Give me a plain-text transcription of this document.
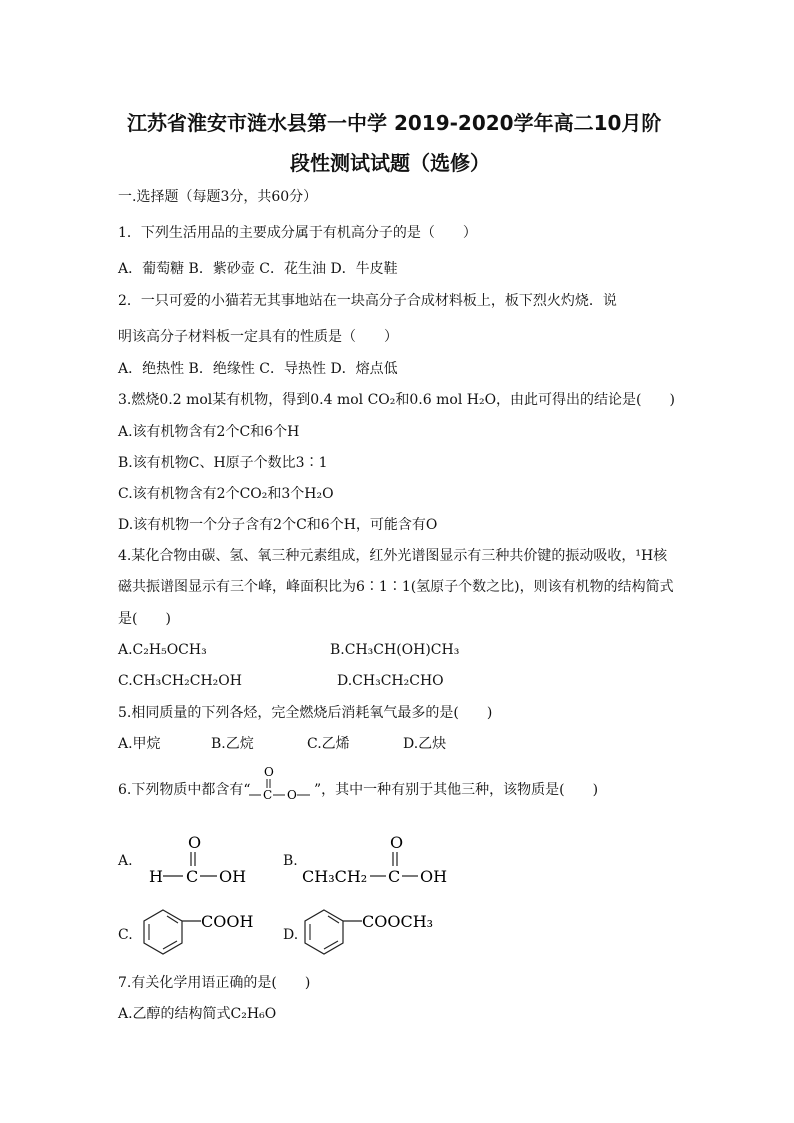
江苏省淮安市涟水县第一中学 2019-2020学年高二10月阶
段性测试试题（选修）
一.选择题（每题3分，共60分）
1．下列生活用品的主要成分属于有机高分子的是（　　）
A．葡萄糖 B．紫砂壶 C．花生油 D．牛皮鞋
2．一只可爱的小猫若无其事地站在一块高分子合成材料板上，板下烈火灼烧．说
明该高分子材料板一定具有的性质是（　　）
A．绝热性 B．绝缘性 C．导热性 D．熔点低
3.燃烧0.2 mol某有机物，得到0.4 mol CO₂和0.6 mol H₂O，由此可得出的结论是(　　)
A.该有机物含有2个C和6个H
B.该有机物C、H原子个数比3∶1
C.该有机物含有2个CO₂和3个H₂O
D.该有机物一个分子含有2个C和6个H，可能含有O
4.某化合物由碳、氢、氧三种元素组成，红外光谱图显示有三种共价键的振动吸收，¹H核
磁共振谱图显示有三个峰，峰面积比为6∶1∶1(氢原子个数之比)，则该有机物的结构简式
是(　　)
A.C₂H₅OCH₃	B.CH₃CH(OH)CH₃
C.CH₃CH₂CH₂OH	D.CH₃CH₂CHO
5.相同质量的下列各烃，完全燃烧后消耗氧气最多的是(　　)
A.甲烷	B.乙烷	C.乙烯	D.乙炔
6.下列物质中都含有“
O
C O ”，其中一种有别于其他三种，该物质是(　　)
A.
O
H C OH
B.
O
CH₃CH₂ C OH
C.
COOH
D.
COOCH₃
7.有关化学用语正确的是(　　)
A.乙醇的结构简式C₂H₆O
